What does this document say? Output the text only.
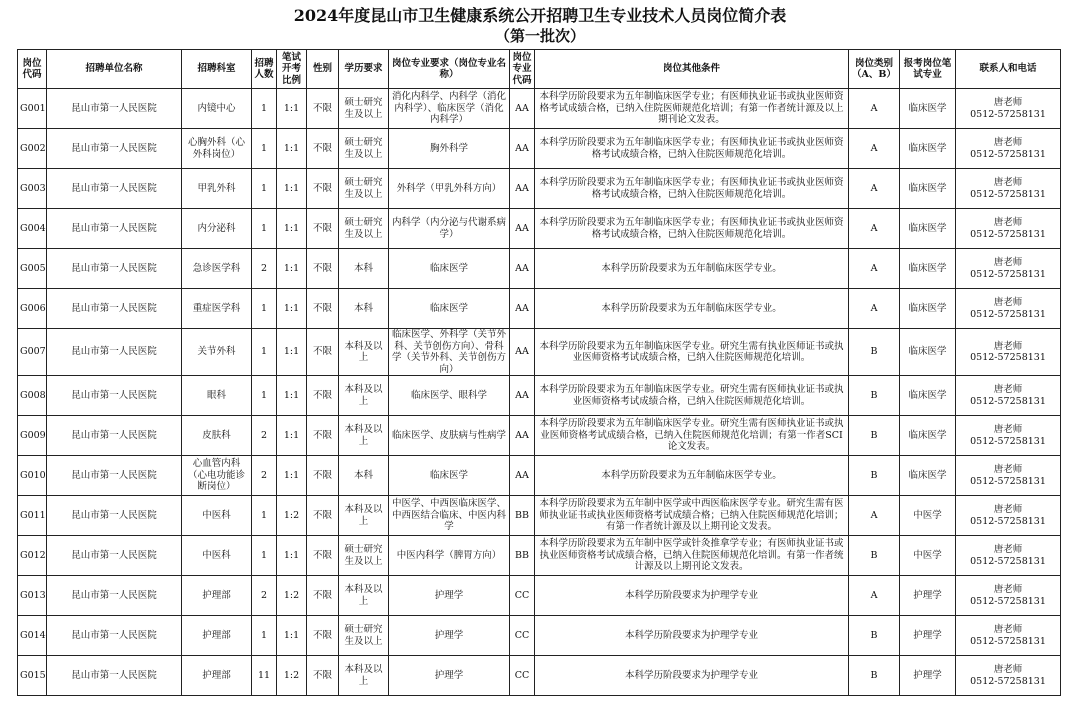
2024年度昆山市卫生健康系统公开招聘卫生专业技术人员岗位简介表
（第一批次）
岗位代码	招聘单位名称	招聘科室	招聘人数	笔试开考比例	性别	学历要求	岗位专业要求（岗位专业名称）	岗位专业代码	岗位其他条件	岗位类别（A、B）	报考岗位笔试专业	联系人和电话
G001	昆山市第一人民医院	内镜中心	1	1:1	不限	硕士研究生及以上	消化内科学、内科学（消化内科学）、临床医学（消化内科学）	AA	本科学历阶段要求为五年制临床医学专业；有医师执业证书或执业医师资格考试成绩合格，已纳入住院医师规范化培训；有第一作者统计源及以上期刊论文发表。	A	临床医学	唐老师
0512-57258131

G002	昆山市第一人民医院	心胸外科（心外科岗位）	1	1:1	不限	硕士研究生及以上	胸外科学	AA	本科学历阶段要求为五年制临床医学专业；有医师执业证书或执业医师资格考试成绩合格，已纳入住院医师规范化培训。	A	临床医学	唐老师
0512-57258131

G003	昆山市第一人民医院	甲乳外科	1	1:1	不限	硕士研究生及以上	外科学（甲乳外科方向）	AA	本科学历阶段要求为五年制临床医学专业；有医师执业证书或执业医师资格考试成绩合格，已纳入住院医师规范化培训。	A	临床医学	唐老师
0512-57258131

G004	昆山市第一人民医院	内分泌科	1	1:1	不限	硕士研究生及以上	内科学（内分泌与代谢系病学）	AA	本科学历阶段要求为五年制临床医学专业；有医师执业证书或执业医师资格考试成绩合格，已纳入住院医师规范化培训。	A	临床医学	唐老师
0512-57258131

G005	昆山市第一人民医院	急诊医学科	2	1:1	不限	本科	临床医学	AA	本科学历阶段要求为五年制临床医学专业。	A	临床医学	唐老师
0512-57258131

G006	昆山市第一人民医院	重症医学科	1	1:1	不限	本科	临床医学	AA	本科学历阶段要求为五年制临床医学专业。	A	临床医学	唐老师
0512-57258131

G007	昆山市第一人民医院	关节外科	1	1:1	不限	本科及以上	临床医学、外科学（关节外科、关节创伤方向）、骨科学（关节外科、关节创伤方向）	AA	本科学历阶段要求为五年制临床医学专业。研究生需有执业医师证书或执业医师资格考试成绩合格，已纳入住院医师规范化培训。	B	临床医学	唐老师
0512-57258131

G008	昆山市第一人民医院	眼科	1	1:1	不限	本科及以上	临床医学、眼科学	AA	本科学历阶段要求为五年制临床医学专业。研究生需有医师执业证书或执业医师资格考试成绩合格，已纳入住院医师规范化培训。	B	临床医学	唐老师
0512-57258131

G009	昆山市第一人民医院	皮肤科	2	1:1	不限	本科及以上	临床医学、皮肤病与性病学	AA	本科学历阶段要求为五年制临床医学专业。研究生需有医师执业证书或执业医师资格考试成绩合格，已纳入住院医师规范化培训；有第一作者SCI论文发表。	B	临床医学	唐老师
0512-57258131

G010	昆山市第一人民医院	心血管内科（心电功能诊断岗位）	2	1:1	不限	本科	临床医学	AA	本科学历阶段要求为五年制临床医学专业。	B	临床医学	唐老师
0512-57258131

G011	昆山市第一人民医院	中医科	1	1:2	不限	本科及以上	中医学、中西医临床医学、中西医结合临床、中医内科学	BB	本科学历阶段要求为五年制中医学或中西医临床医学专业。研究生需有医师执业证书或执业医师资格考试成绩合格；已纳入住院医师规范化培训；有第一作者统计源及以上期刊论文发表。	A	中医学	唐老师
0512-57258131

G012	昆山市第一人民医院	中医科	1	1:1	不限	硕士研究生及以上	中医内科学（脾胃方向）	BB	本科学历阶段要求为五年制中医学或针灸推拿学专业；有医师执业证书或执业医师资格考试成绩合格，已纳入住院医师规范化培训。有第一作者统计源及以上期刊论文发表。	B	中医学	唐老师
0512-57258131

G013	昆山市第一人民医院	护理部	2	1:2	不限	本科及以上	护理学	CC	本科学历阶段要求为护理学专业	A	护理学	唐老师
0512-57258131

G014	昆山市第一人民医院	护理部	1	1:1	不限	硕士研究生及以上	护理学	CC	本科学历阶段要求为护理学专业	B	护理学	唐老师
0512-57258131

G015	昆山市第一人民医院	护理部	11	1:2	不限	本科及以上	护理学	CC	本科学历阶段要求为护理学专业	B	护理学	唐老师
0512-57258131
